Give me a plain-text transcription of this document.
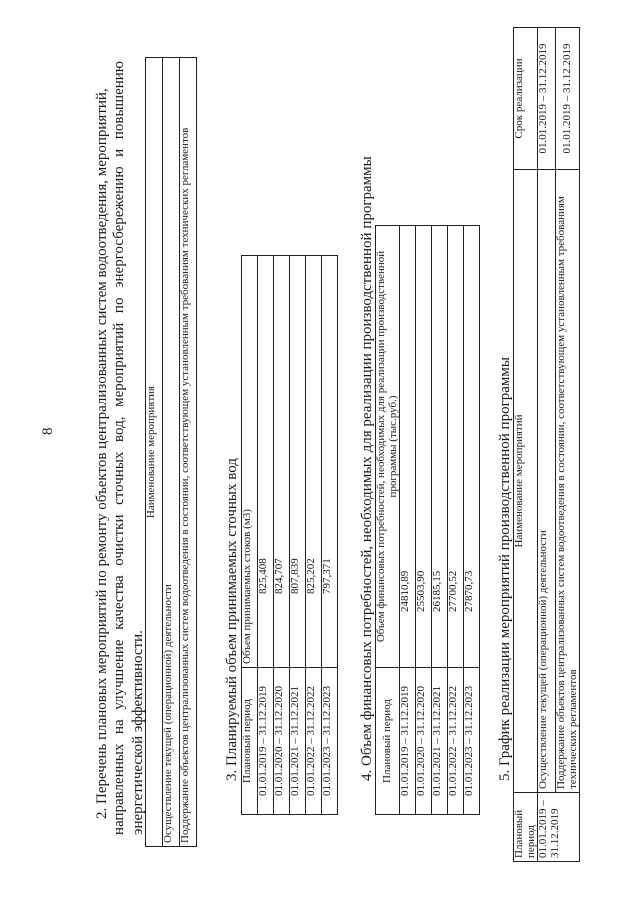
8	2. Перечень плановых мероприятий по ремонту объектов централизованных систем водоотведения, мероприятий, направленных на улучшение качества очистки сточных вод, мероприятий по энергосбережению и повышению энергетической эффективности.
Наименование мероприятия
Осуществление текущей (операционной) деятельности
Поддержание объектов централизованных систем водоотведения в состоянии, соответствующем установленным требованиям технических регламентов 3. Планируемый объем принимаемых сточных вод Плановый период	Объем принимаемых стоков (м3)
01.01.2019 – 31.12.2019	825,408
01.01.2020 – 31.12.2020	824,707
01.01.2021 – 31.12.2021	807,839
01.01.2022 – 31.12.2022	825,202
01.01.2023 – 31.12.2023	797,371 4. Объем финансовых потребностей, необходимых для реализации производственной программы Плановый период	Объем финансовых потребностей, необходимых для реализации производственной программы (тыс.руб.)
01.01.2019 – 31.12.2019	24810,89
01.01.2020 – 31.12.2020	25503,90
01.01.2021 – 31.12.2021	26185,15
01.01.2022 – 31.12.2022	27700,52
01.01.2023 – 31.12.2023	27870,73 5. График реализации мероприятий производственной программы
Плановый период	Наименование мероприятий	Срок реализации
01.01.2019 – 31.12.2019	Осуществление текущей (операционной) деятельности	01.01.2019 – 31.12.2019
	Поддержание объектов централизованных систем водоотведения в состоянии, соответствующем установленным требованиям технических регламентов	01.01.2019 – 31.12.2019
